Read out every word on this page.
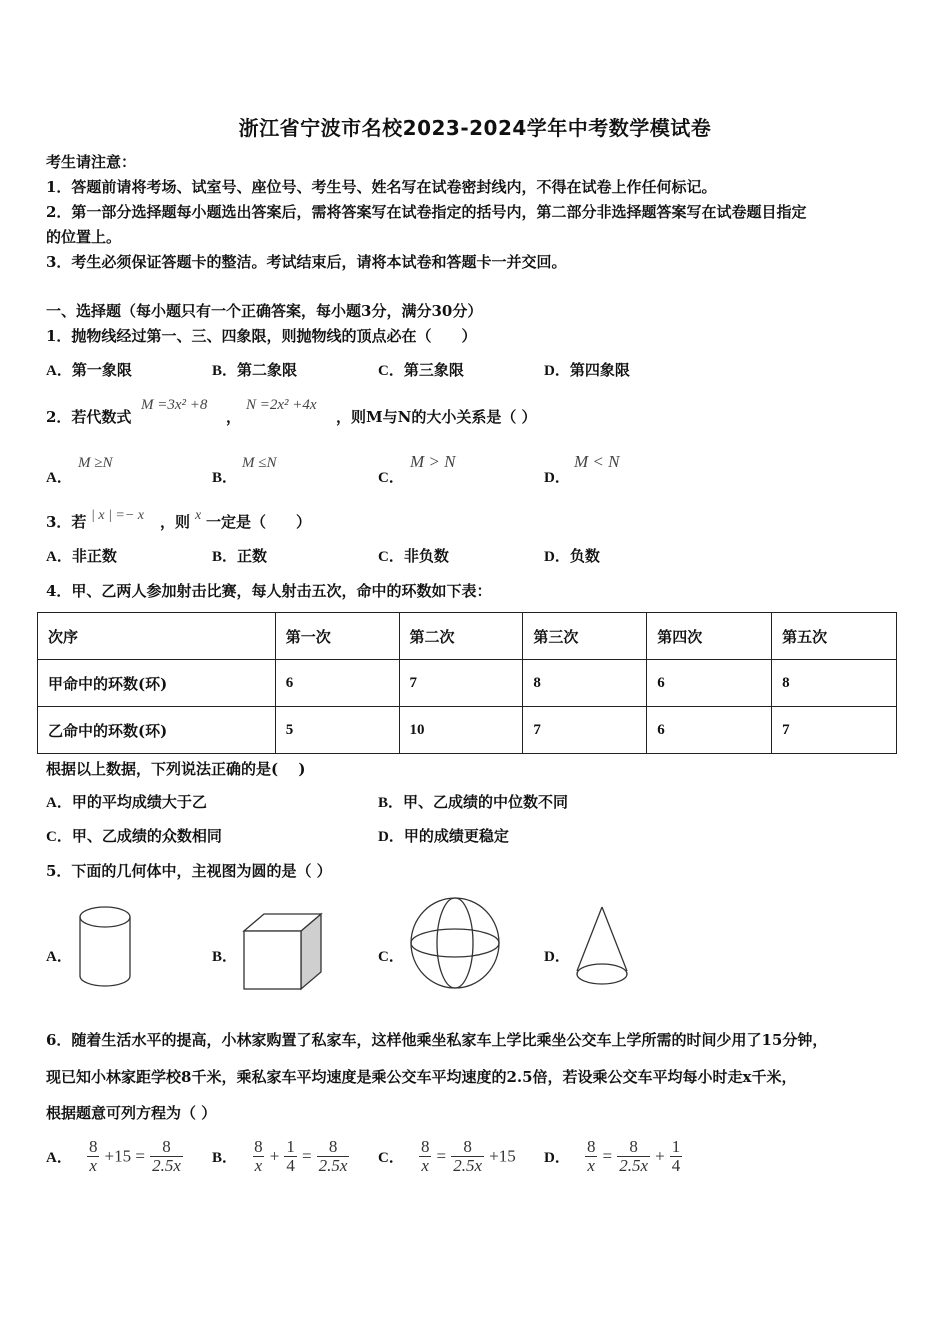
浙江省宁波市名校2023-2024学年中考数学模试卷
考生请注意：
1．答题前请将考场、试室号、座位号、考生号、姓名写在试卷密封线内，不得在试卷上作任何标记。
2．第一部分选择题每小题选出答案后，需将答案写在试卷指定的括号内，第二部分非选择题答案写在试卷题目指定
的位置上。
3．考生必须保证答题卡的整洁。考试结束后，请将本试卷和答题卡一并交回。
一、选择题（每小题只有一个正确答案，每小题3分，满分30分）
1．抛物线经过第一、三、四象限，则抛物线的顶点必在（　　）
A．第一象限	B．第二象限	C．第三象限	D．第四象限
2．若代数式
M =3x² +8
，
N =2x² +4x
，则M与N的大小关系是（ ）
A．
M ≥N
B．
M ≤N
C．
M > N
D．
M < N
3．若 | x | =− x ，则 x 一定是（　　）
A．非正数	B．正数	C．非负数	D．负数
4．甲、乙两人参加射击比赛，每人射击五次，命中的环数如下表：
次序	第一次	第二次	第三次	第四次	第五次
甲命中的环数(环)	6	7	8	6	8
乙命中的环数(环)	5	10	7	6	7
根据以上数据，下列说法正确的是(　 )
A．甲的平均成绩大于乙	B．甲、乙成绩的中位数不同
C．甲、乙成绩的众数相同	D．甲的成绩更稳定
5．下面的几何体中，主视图为圆的是（ ）
A．	B．	C．	D．
6．随着生活水平的提高，小林家购置了私家车，这样他乘坐私家车上学比乘坐公交车上学所需的时间少用了15分钟，
现已知小林家距学校8千米，乘私家车平均速度是乘公交车平均速度的2.5倍，若设乘公交车平均每小时走x千米，
根据题意可列方程为（ ）
A． $\frac{8}{x} +15 = \frac{8}{2.5x}$ B． $\frac{8}{x} + \frac{1}{4} = \frac{8}{2.5x}$ C． $\frac{8}{x} = \frac{8}{2.5x} +15$ D． $\frac{8}{x} = \frac{8}{2.5x} + \frac{1}{4}$
